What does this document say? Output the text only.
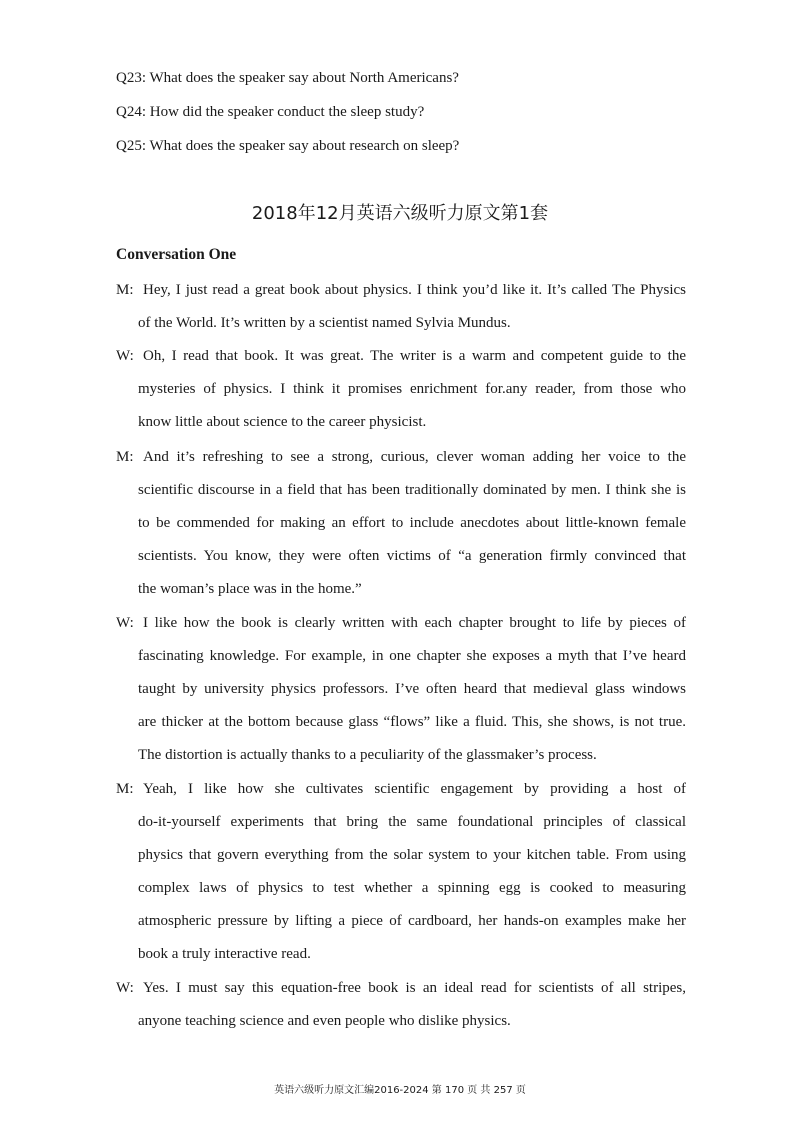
Q23: What does the speaker say about North Americans?
Q24: How did the speaker conduct the sleep study?
Q25: What does the speaker say about research on sleep?
2018年12月英语六级听力原文第1套
Conversation One
M: Hey, I just read a great book about physics. I think you’d like it. It’s called The Physics
of the World. It’s written by a scientist named Sylvia Mundus.
W: Oh, I read that book. It was great. The writer is a warm and competent guide to the
mysteries of physics. I think it promises enrichment for.any reader, from those who
know little about science to the career physicist.
M: And it’s refreshing to see a strong, curious, clever woman adding her voice to the
scientific discourse in a field that has been traditionally dominated by men. I think she is
to be commended for making an effort to include anecdotes about little-known female
scientists. You know, they were often victims of “a generation firmly convinced that
the woman’s place was in the home.”
W: I like how the book is clearly written with each chapter brought to life by pieces of
fascinating knowledge. For example, in one chapter she exposes a myth that I’ve heard
taught by university physics professors. I’ve often heard that medieval glass windows
are thicker at the bottom because glass “flows” like a fluid. This, she shows, is not true.
The distortion is actually thanks to a peculiarity of the glassmaker’s process.
M: Yeah, I like how she cultivates scientific engagement by providing a host of
do-it-yourself experiments that bring the same foundational principles of classical
physics that govern everything from the solar system to your kitchen table. From using
complex laws of physics to test whether a spinning egg is cooked to measuring
atmospheric pressure by lifting a piece of cardboard, her hands-on examples make her
book a truly interactive read.
W: Yes. I must say this equation-free book is an ideal read for scientists of all stripes,
anyone teaching science and even people who dislike physics.
英语六级听力原文汇编2016-2024 第 170 页 共 257 页
